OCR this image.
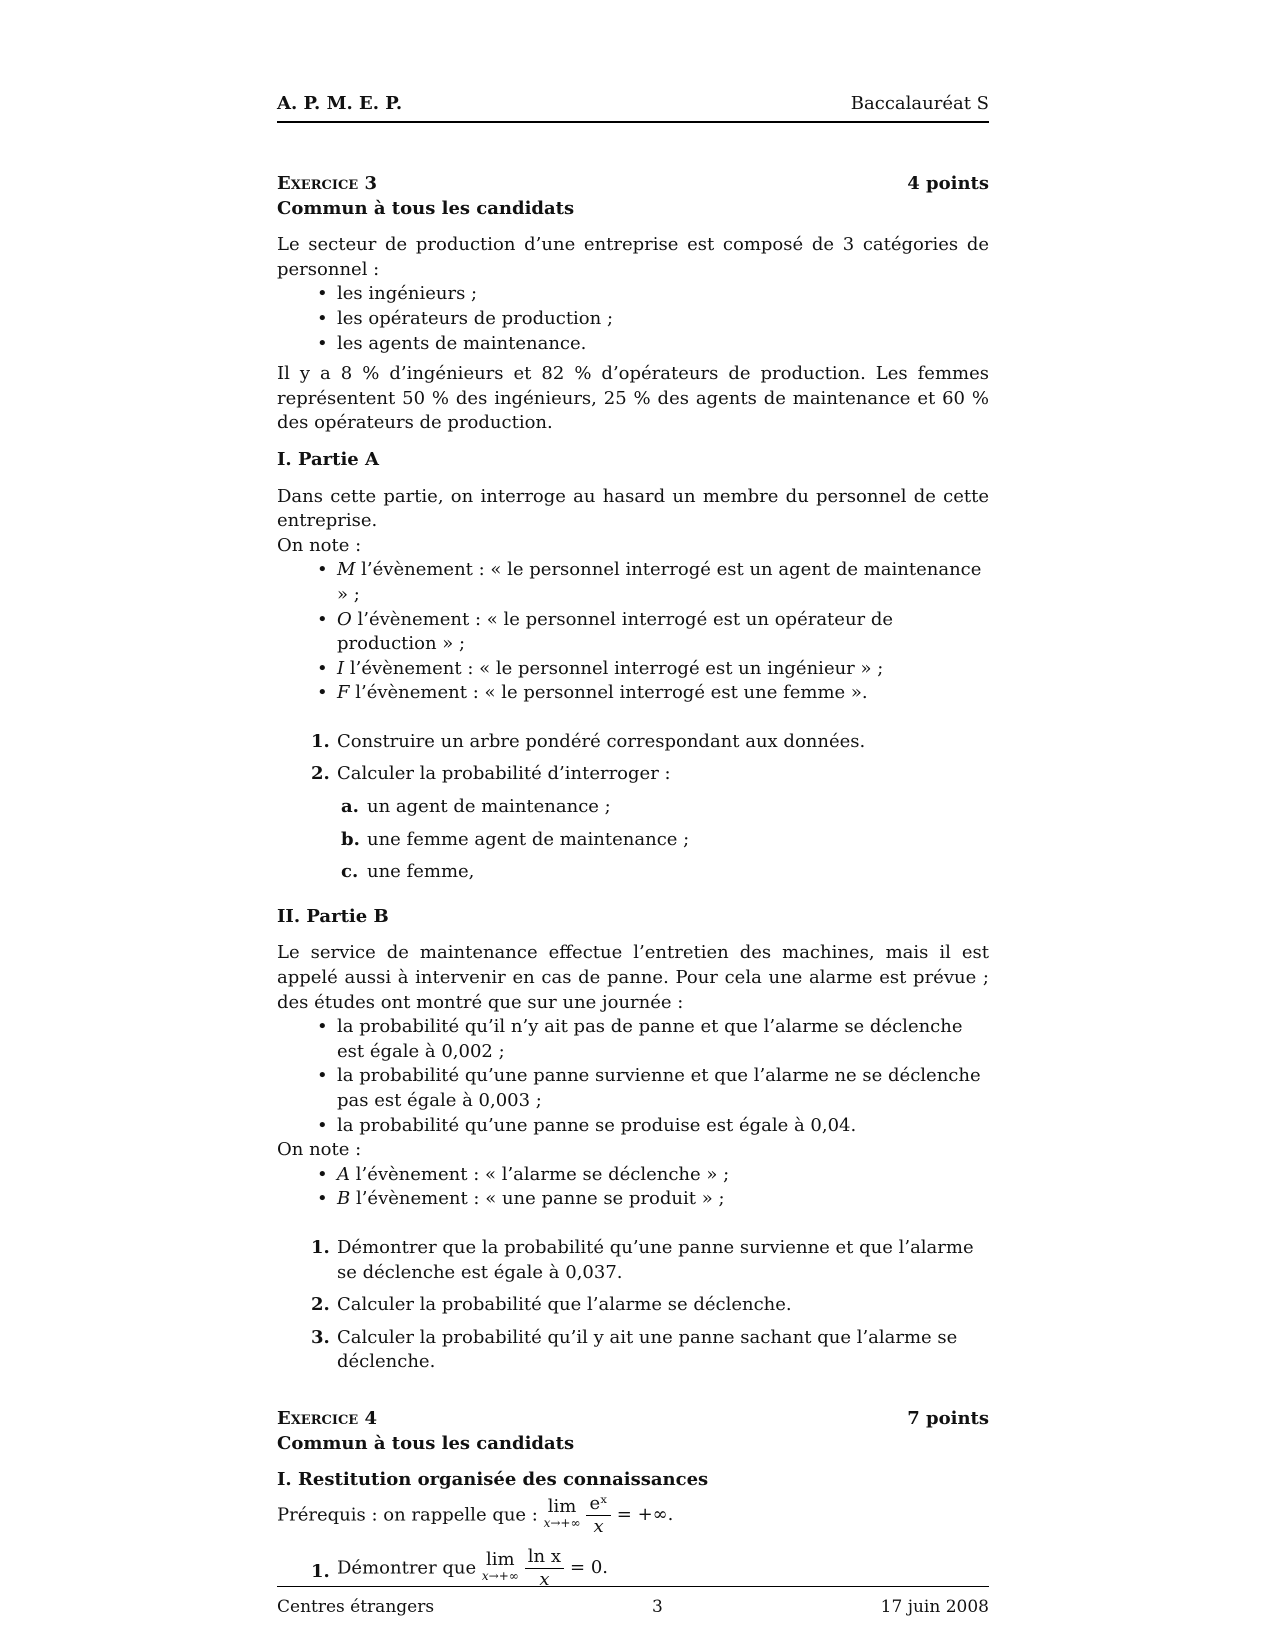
A. P. M. E. P.	Baccalauréat S
Exercice 3	4 points
Commun à tous les candidats

Le secteur de production d’une entreprise est composé de 3 catégories de personnel :

• les ingénieurs ;
• les opérateurs de production ;
• les agents de maintenance.

Il y a 8 % d’ingénieurs et 82 % d’opérateurs de production. Les femmes représentent 50 % des ingénieurs, 25 % des agents de maintenance et 60 % des opérateurs de production.

I. Partie A

Dans cette partie, on interroge au hasard un membre du personnel de cette entreprise.

On note :

• M l’évènement : « le personnel interrogé est un agent de maintenance » ;
• O l’évènement : « le personnel interrogé est un opérateur de production » ;
• I l’évènement : « le personnel interrogé est un ingénieur » ;
• F l’évènement : « le personnel interrogé est une femme ».
1. Construire un arbre pondéré correspondant aux données.
2. Calculer la probabilité d’interroger :
a. un agent de maintenance ;
b. une femme agent de maintenance ;
c. une femme,
II. Partie B

Le service de maintenance effectue l’entretien des machines, mais il est appelé aussi à intervenir en cas de panne. Pour cela une alarme est prévue ; des études ont montré que sur une journée :

• la probabilité qu’il n’y ait pas de panne et que l’alarme se déclenche est égale à 0,002 ;
• la probabilité qu’une panne survienne et que l’alarme ne se déclenche pas est égale à 0,003 ;
• la probabilité qu’une panne se produise est égale à 0,04.

On note :

• A l’évènement : « l’alarme se déclenche » ;
• B l’évènement : « une panne se produit » ;
1. Démontrer que la probabilité qu’une panne survienne et que l’alarme se déclenche est égale à 0,037.
2. Calculer la probabilité que l’alarme se déclenche.
3. Calculer la probabilité qu’il y ait une panne sachant que l’alarme se déclenche.
Exercice 4	7 points
Commun à tous les candidats
I. Restitution organisée des connaissances
Prérequis : on rappelle que : lim
$x\to+\infty \frac{\text{eˣ}}{x}$ = +∞.
1. Démontrer que lim
$x\to+\infty \frac{\text{ln x}}{x} = 0$.
Centres étrangers	3	17 juin 2008
